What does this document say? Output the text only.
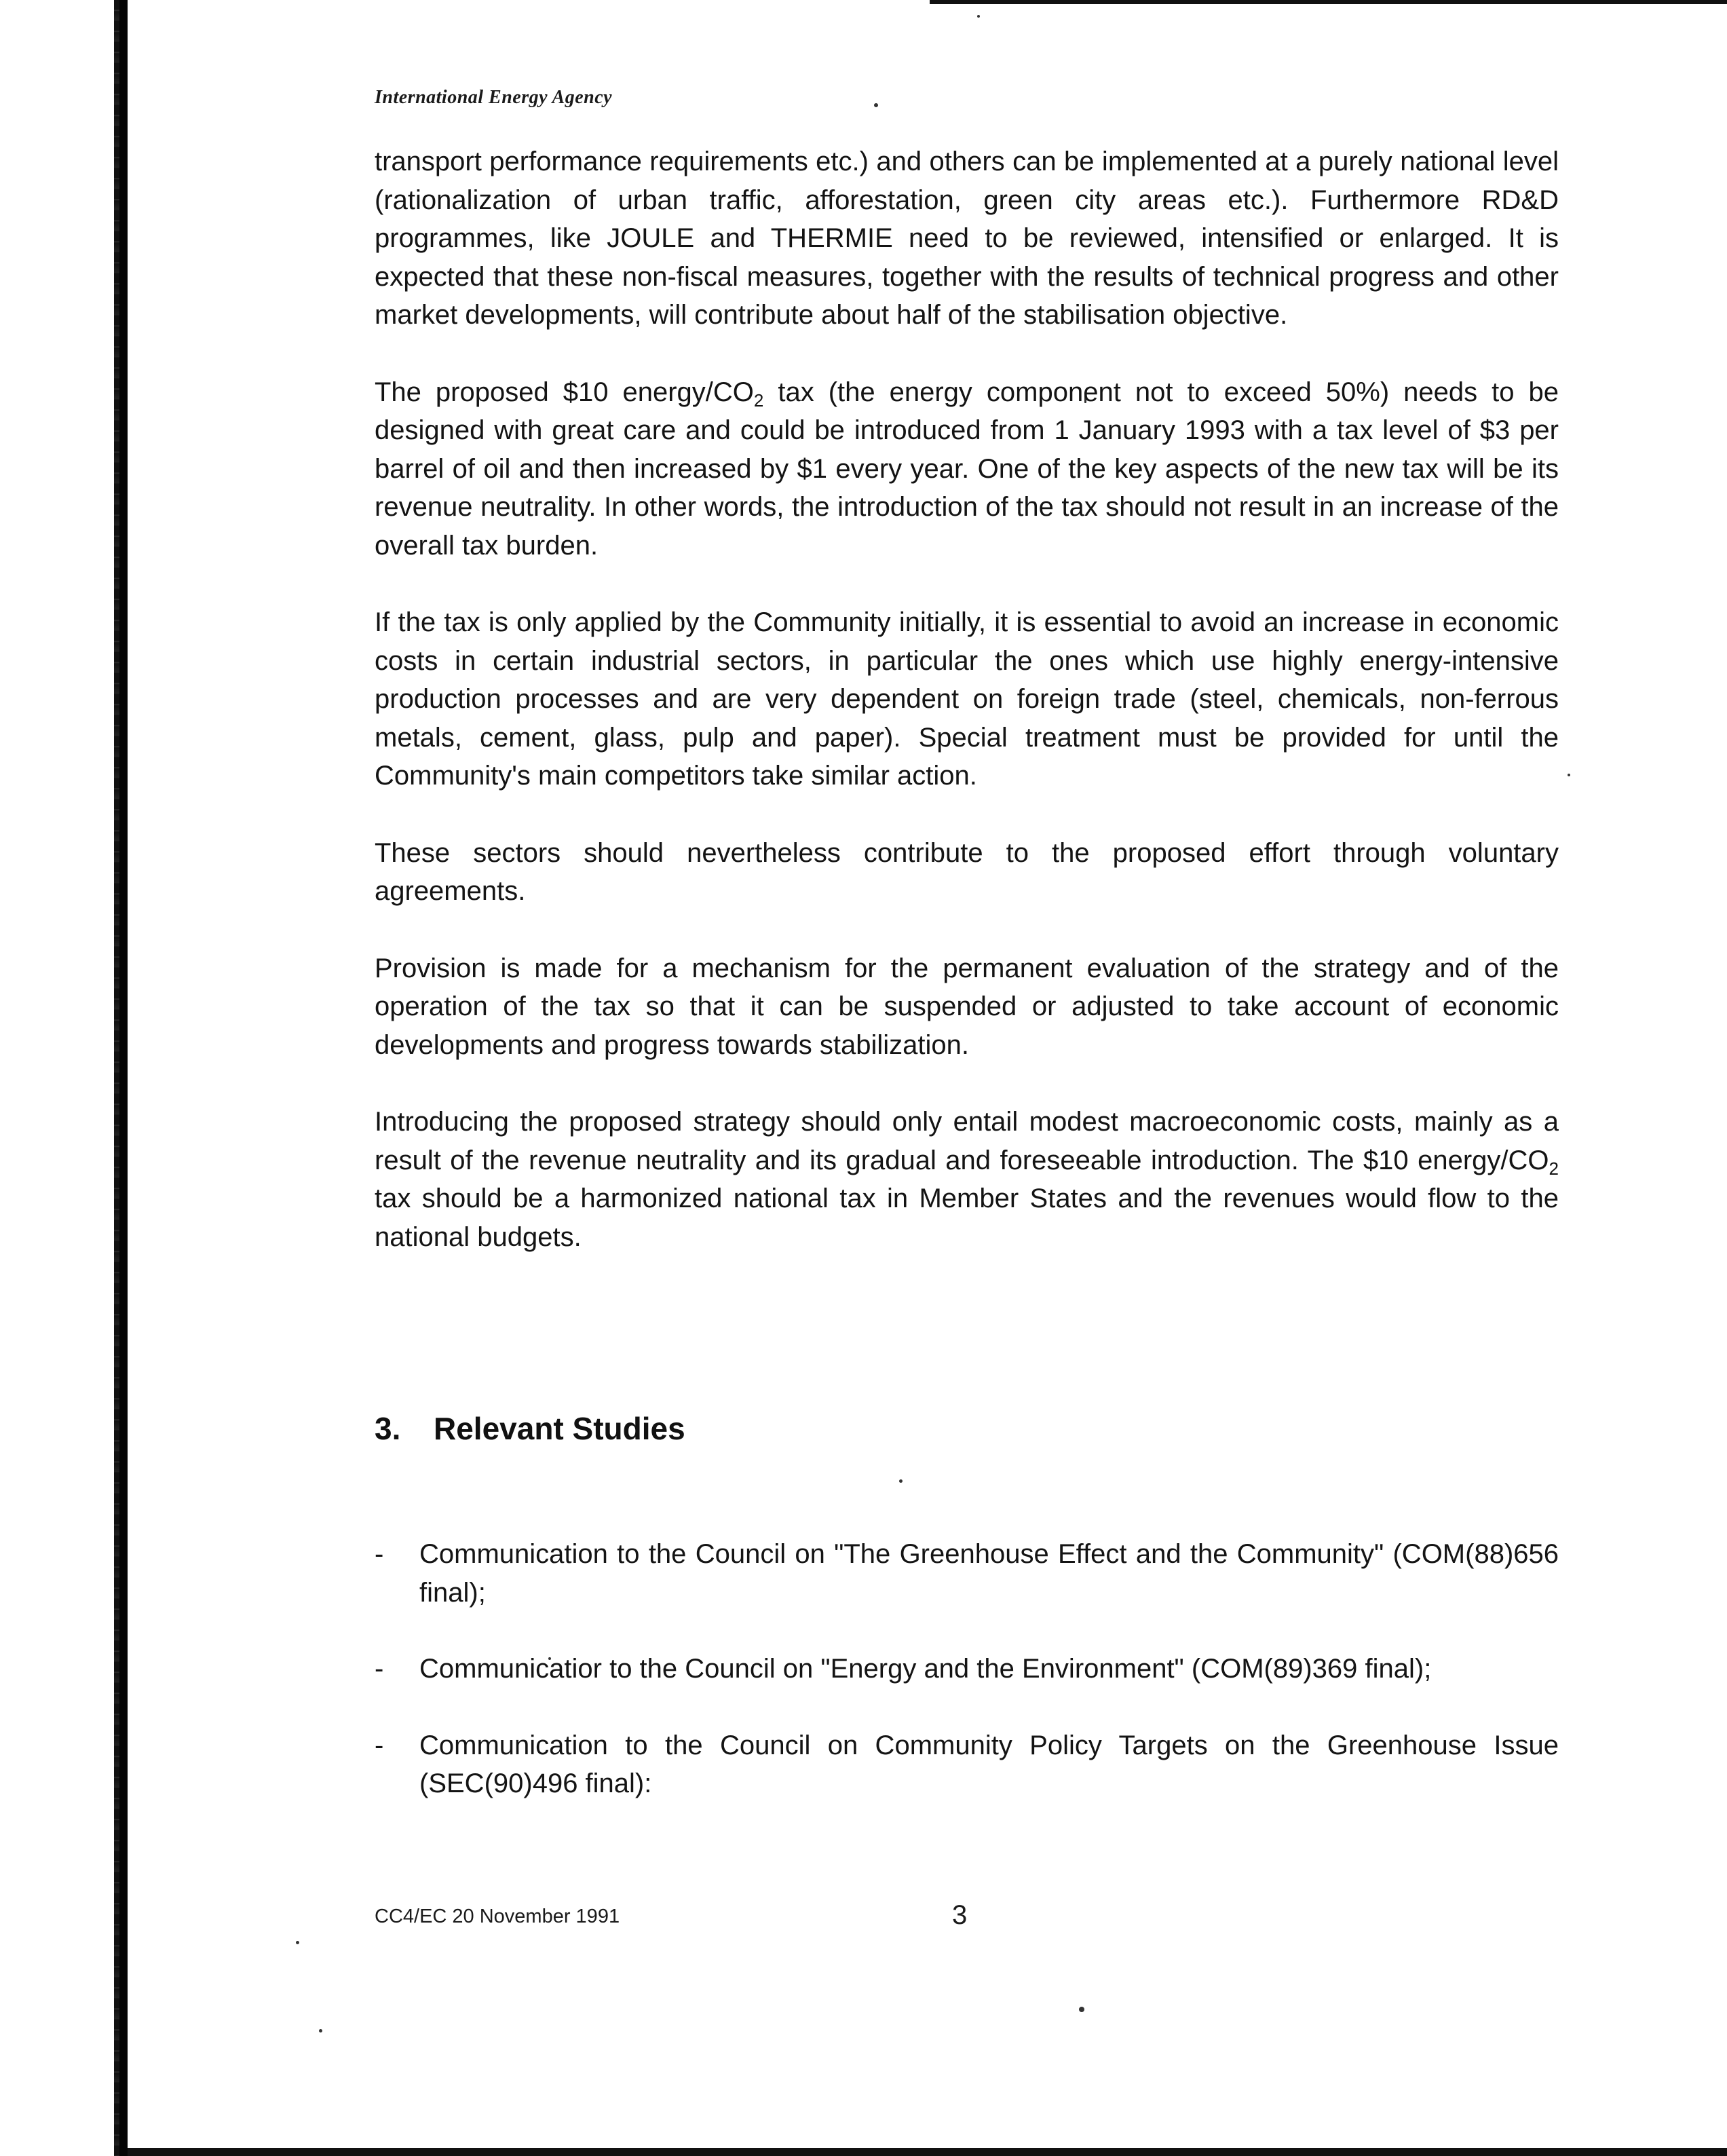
International Energy Agency

transport performance requirements etc.) and others can be implemented at a purely national level (rationalization of urban traffic, afforestation, green city areas etc.). Furthermore RD&D programmes, like JOULE and THERMIE need to be reviewed, intensified or enlarged. It is expected that these non-fiscal measures, together with the results of technical progress and other market developments, will contribute about half of the stabilisation objective.

The proposed $10 energy/$CO_2$ tax (the energy component not to exceed 50%) needs to be designed with great care and could be introduced from 1 January 1993 with a tax level of $3 per barrel of oil and then increased by $1 every year. One of the key aspects of the new tax will be its revenue neutrality. In other words, the introduction of the tax should not result in an increase of the overall tax burden.

If the tax is only applied by the Community initially, it is essential to avoid an increase in economic costs in certain industrial sectors, in particular the ones which use highly energy-intensive production processes and are very dependent on foreign trade (steel, chemicals, non-ferrous metals, cement, glass, pulp and paper). Special treatment must be provided for until the Community's main competitors take similar action.

These sectors should nevertheless contribute to the proposed effort through voluntary agreements.

Provision is made for a mechanism for the permanent evaluation of the strategy and of the operation of the tax so that it can be suspended or adjusted to take account of economic developments and progress towards stabilization.

Introducing the proposed strategy should only entail modest macroeconomic costs, mainly as a result of the revenue neutrality and its gradual and foreseeable introduction. The $10 energy/$CO_2$ tax should be a harmonized national tax in Member States and the revenues would flow to the national budgets.

3. Relevant Studies
-	Communication to the Council on "The Greenhouse Effect and the Community" (COM(88)656 final);
-	Communicatior to the Council on "Energy and the Environment" (COM(89)369 final);
-	Communication to the Council on Community Policy Targets on the Greenhouse Issue (SEC(90)496 final):
CC4/EC 20 November 1991	3
